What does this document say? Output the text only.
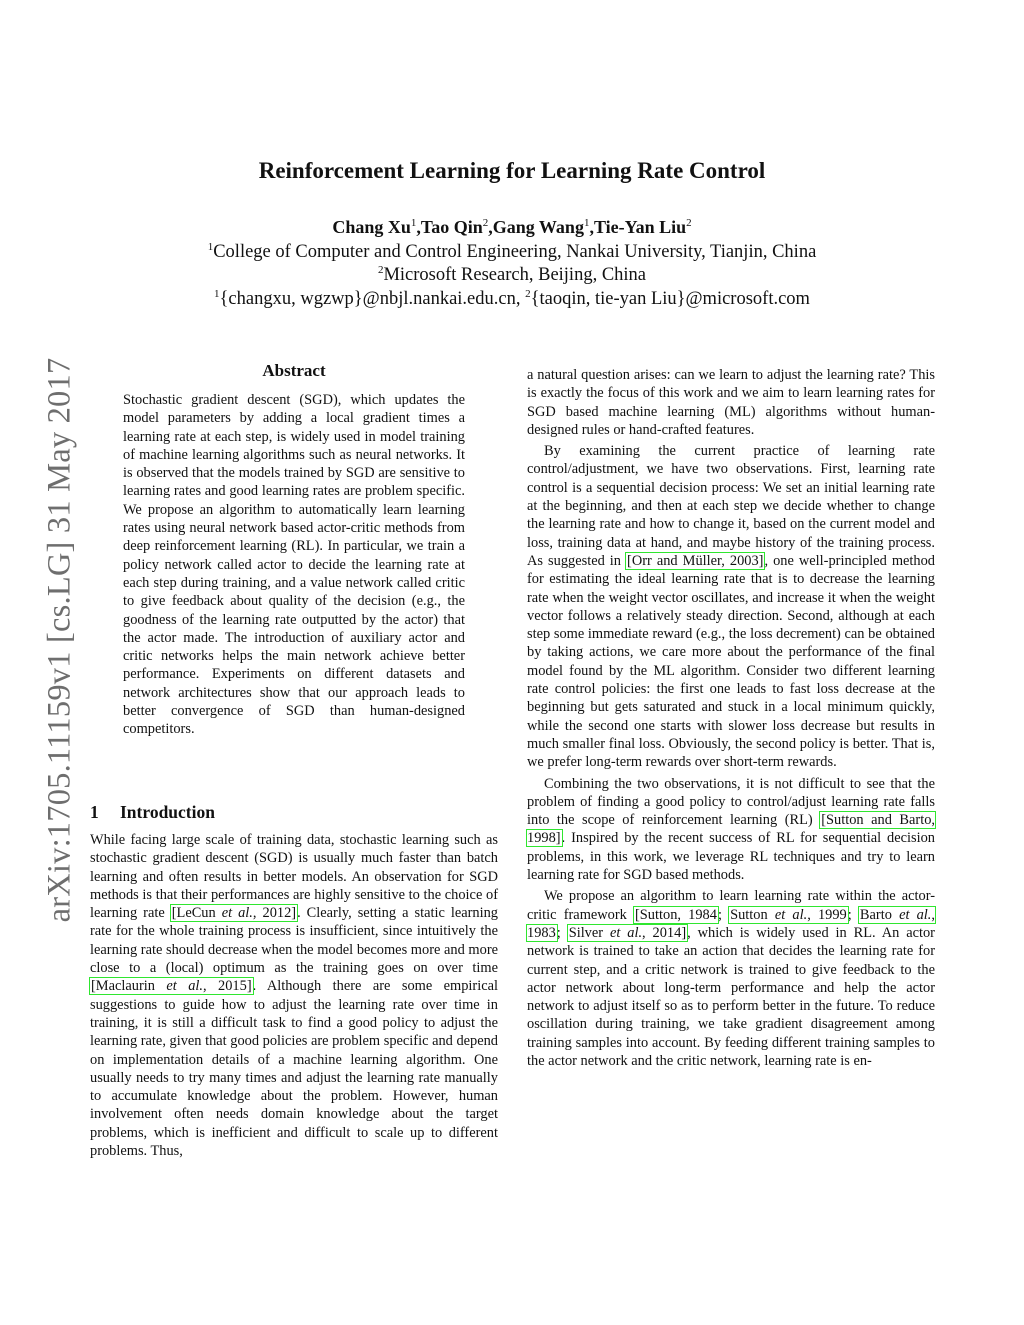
arXiv:1705.11159v1 [cs.LG] 31 May 2017
Reinforcement Learning for Learning Rate Control
Chang Xu$^1$,Tao Qin$^2$,Gang Wang$^1$,Tie-Yan Liu$^2$
$^1$College of Computer and Control Engineering, Nankai University, Tianjin, China
$^2$Microsoft Research, Beijing, China
$^1${changxu, wgzwp}@nbjl.nankai.edu.cn, $^2${taoqin, tie-yan Liu}@microsoft.com
Abstract

Stochastic gradient descent (SGD), which updates the model parameters by adding a local gradient times a learning rate at each step, is widely used in model training of machine learning algorithms such as neural networks. It is observed that the models trained by SGD are sensitive to learning rates and good learning rates are problem specific. We propose an algorithm to automatically learn learning rates using neural network based actor-critic methods from deep reinforcement learning (RL). In particular, we train a policy network called actor to decide the learning rate at each step during training, and a value network called critic to give feedback about quality of the decision (e.g., the goodness of the learning rate outputted by the actor) that the actor made. The introduction of auxiliary actor and critic networks helps the main network achieve better performance. Experiments on different datasets and network architectures show that our approach leads to better convergence of SGD than human-designed competitors.

1 Introduction

While facing large scale of training data, stochastic learning such as stochastic gradient descent (SGD) is usually much faster than batch learning and often results in better models. An observation for SGD methods is that their performances are highly sensitive to the choice of learning rate [LeCun et al., 2012]. Clearly, setting a static learning rate for the whole training process is insufficient, since intuitively the learning rate should decrease when the model becomes more and more close to a (local) optimum as the training goes on over time [Maclaurin et al., 2015]. Although there are some empirical suggestions to guide how to adjust the learning rate over time in training, it is still a difficult task to find a good policy to adjust the learning rate, given that good policies are problem specific and depend on implementation details of a machine learning algorithm. One usually needs to try many times and adjust the learning rate manually to accumulate knowledge about the problem. However, human involvement often needs domain knowledge about the target problems, which is inefficient and difficult to scale up to different problems. Thus,

a natural question arises: can we learn to adjust the learning rate? This is exactly the focus of this work and we aim to learn learning rates for SGD based machine learning (ML) algorithms without human-designed rules or hand-crafted features.

By examining the current practice of learning rate control/adjustment, we have two observations. First, learning rate control is a sequential decision process: We set an initial learning rate at the beginning, and then at each step we decide whether to change the learning rate and how to change it, based on the current model and loss, training data at hand, and maybe history of the training process. As suggested in [Orr and Müller, 2003], one well-principled method for estimating the ideal learning rate that is to decrease the learning rate when the weight vector oscillates, and increase it when the weight vector follows a relatively steady direction. Second, although at each step some immediate reward (e.g., the loss decrement) can be obtained by taking actions, we care more about the performance of the final model found by the ML algorithm. Consider two different learning rate control policies: the first one leads to fast loss decrease at the beginning but gets saturated and stuck in a local minimum quickly, while the second one starts with slower loss decrease but results in much smaller final loss. Obviously, the second policy is better. That is, we prefer long-term rewards over short-term rewards.

Combining the two observations, it is not difficult to see that the problem of finding a good policy to control/adjust learning rate falls into the scope of reinforcement learning (RL) [Sutton and Barto, 1998]. Inspired by the recent success of RL for sequential decision problems, in this work, we leverage RL techniques and try to learn learning rate for SGD based methods.

We propose an algorithm to learn learning rate within the actor-critic framework [Sutton, 1984; Sutton et al., 1999; Barto et al., 1983; Silver et al., 2014], which is widely used in RL. An actor network is trained to take an action that decides the learning rate for current step, and a critic network is trained to give feedback to the actor network about long-term performance and help the actor network to adjust itself so as to perform better in the future. To reduce oscillation during training, we take gradient disagreement among training samples into account. By feeding different training samples to the actor network and the critic network, learning rate is en-
